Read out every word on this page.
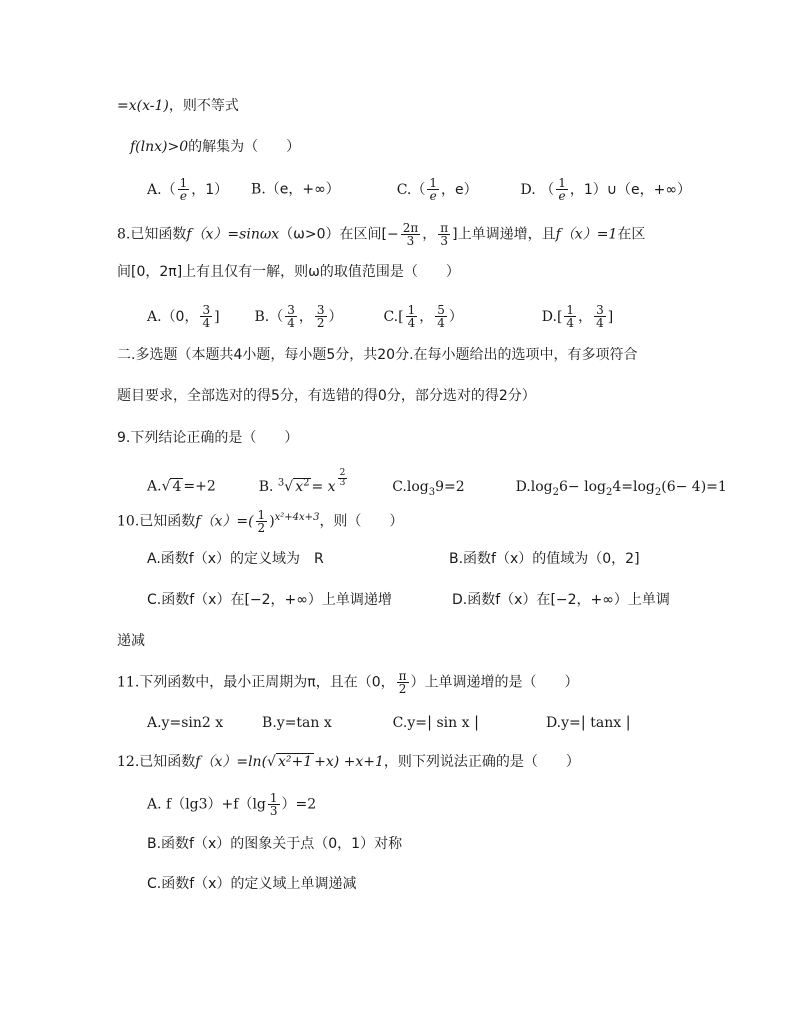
=x(x-1)，则不等式
f(lnx)>0的解集为（　　）
$A.( \frac{1}{e}$ ，1） B.（e，+∞）	$C.( \frac{1}{e}$ ，e）	D. （ $\frac{1}{e}$ ，1）∪（e，+∞）
8.已知函数f（x）=sinωx（ω>0）在区间[− $\frac{2\pi}{3}$ ， $\frac{\pi}{3}$ ]上单调递增，且f（x）=1在区
间[0，2π]上有且仅有一解，则ω的取值范围是（　　）
A.（0， $\frac{3}{4}$ ] $B.( \frac{3}{4}$ ， $\frac{3}{2}$ ）	$C.[ \frac{1}{4}$ ， $\frac{5}{4}$ ）	$D.[ \frac{1}{4}$ ， $\frac{3}{4}$ ]
二.多选题（本题共4小题，每小题5分，共20分.在每小题给出的选项中，有多项符合
题目要求，全部选对的得5分，有选错的得0分，部分选对的得2分）
9.下列结论正确的是（　　）
A.√ 4 =+2	B. $^3$√ $x^2 = x \frac{2}{3}$	$C.\log_39=2$	$D.\log_26- \log_24=\log_2(6- 4)=1$
10.已知函数$f(x)=( \frac{1}{2} )^{x^2+4x+3}$，则（　　）
A.函数f（x）的定义域为　R	B.函数f（x）的值域为（0，2]
C.函数f（x）在[−2，+∞）上单调递增	D.函数f（x）在[−2，+∞）上单调
递减
11.下列函数中，最小正周期为π，且在（0， $\frac{\pi}{2}$ ）上单调递增的是（　　）
A.y=sin2 x	B.y=tan x	C.y=| sin x |	D.y=| tanx |
12.已知函数f（x）=ln(√ x²+1 +x) +x+1，则下列说法正确的是（　　）
A. $f(\lg 3)+f(\lg \frac{1}{3} )=2$
B.函数f（x）的图象关于点（0，1）对称
C.函数f（x）的定义域上单调递减
